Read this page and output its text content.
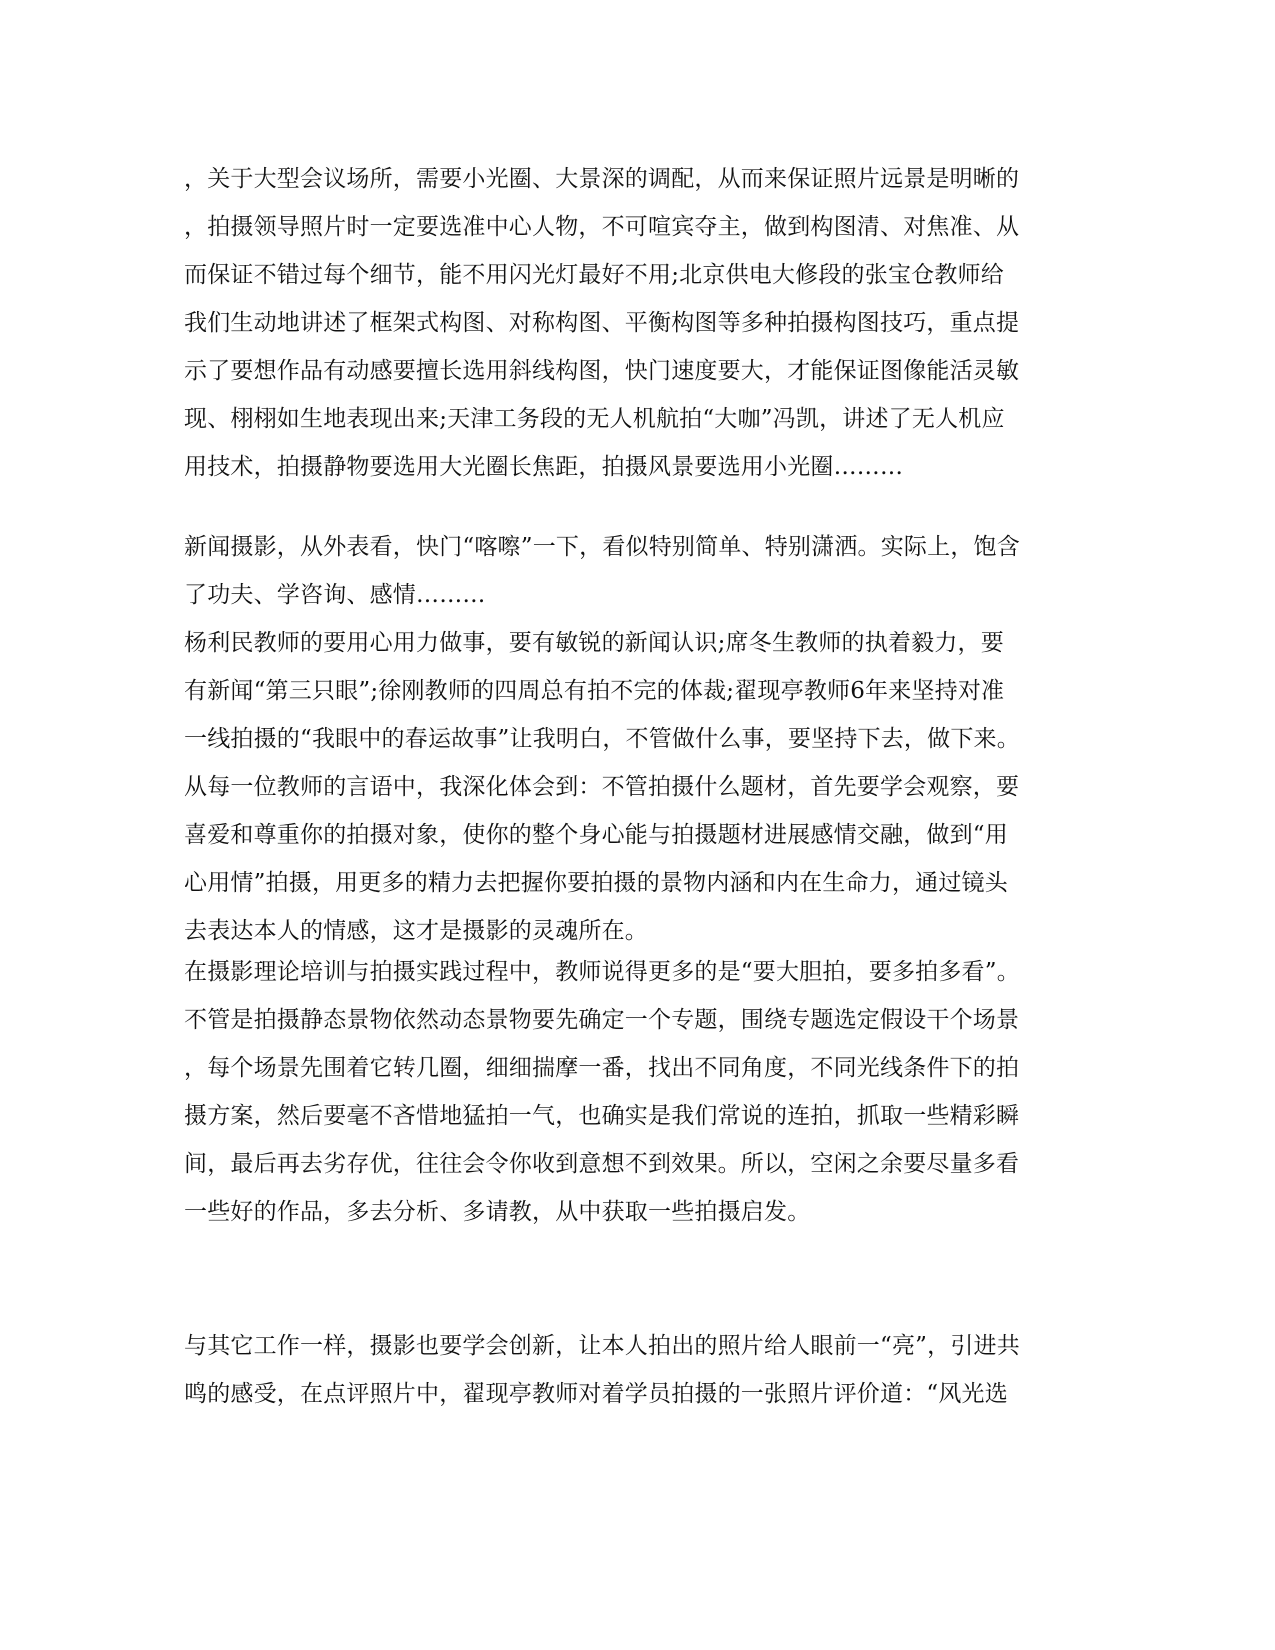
，关于大型会议场所，需要小光圈、大景深的调配，从而来保证照片远景是明晰的
，拍摄领导照片时一定要选准中心人物，不可喧宾夺主，做到构图清、对焦准、从
而保证不错过每个细节，能不用闪光灯最好不用;北京供电大修段的张宝仓教师给
我们生动地讲述了框架式构图、对称构图、平衡构图等多种拍摄构图技巧，重点提
示了要想作品有动感要擅长选用斜线构图，快门速度要大，才能保证图像能活灵敏
现、栩栩如生地表现出来;天津工务段的无人机航拍“大咖”冯凯，讲述了无人机应
用技术，拍摄静物要选用大光圈长焦距，拍摄风景要选用小光圈………
新闻摄影，从外表看，快门“喀嚓”一下，看似特别简单、特别潇洒。实际上，饱含
了功夫、学咨询、感情………
杨利民教师的要用心用力做事，要有敏锐的新闻认识;席冬生教师的执着毅力，要
有新闻“第三只眼”;徐刚教师的四周总有拍不完的体裁;翟现亭教师6年来坚持对准
一线拍摄的“我眼中的春运故事”让我明白，不管做什么事，要坚持下去，做下来。
从每一位教师的言语中，我深化体会到：不管拍摄什么题材，首先要学会观察，要
喜爱和尊重你的拍摄对象，使你的整个身心能与拍摄题材进展感情交融，做到“用
心用情”拍摄，用更多的精力去把握你要拍摄的景物内涵和内在生命力，通过镜头
去表达本人的情感，这才是摄影的灵魂所在。
在摄影理论培训与拍摄实践过程中，教师说得更多的是“要大胆拍，要多拍多看”。
不管是拍摄静态景物依然动态景物要先确定一个专题，围绕专题选定假设干个场景
，每个场景先围着它转几圈，细细揣摩一番，找出不同角度，不同光线条件下的拍
摄方案，然后要毫不吝惜地猛拍一气，也确实是我们常说的连拍，抓取一些精彩瞬
间，最后再去劣存优，往往会令你收到意想不到效果。所以，空闲之余要尽量多看
一些好的作品，多去分析、多请教，从中获取一些拍摄启发。
与其它工作一样，摄影也要学会创新，让本人拍出的照片给人眼前一“亮”，引进共
鸣的感受，在点评照片中，翟现亭教师对着学员拍摄的一张照片评价道：“风光选
